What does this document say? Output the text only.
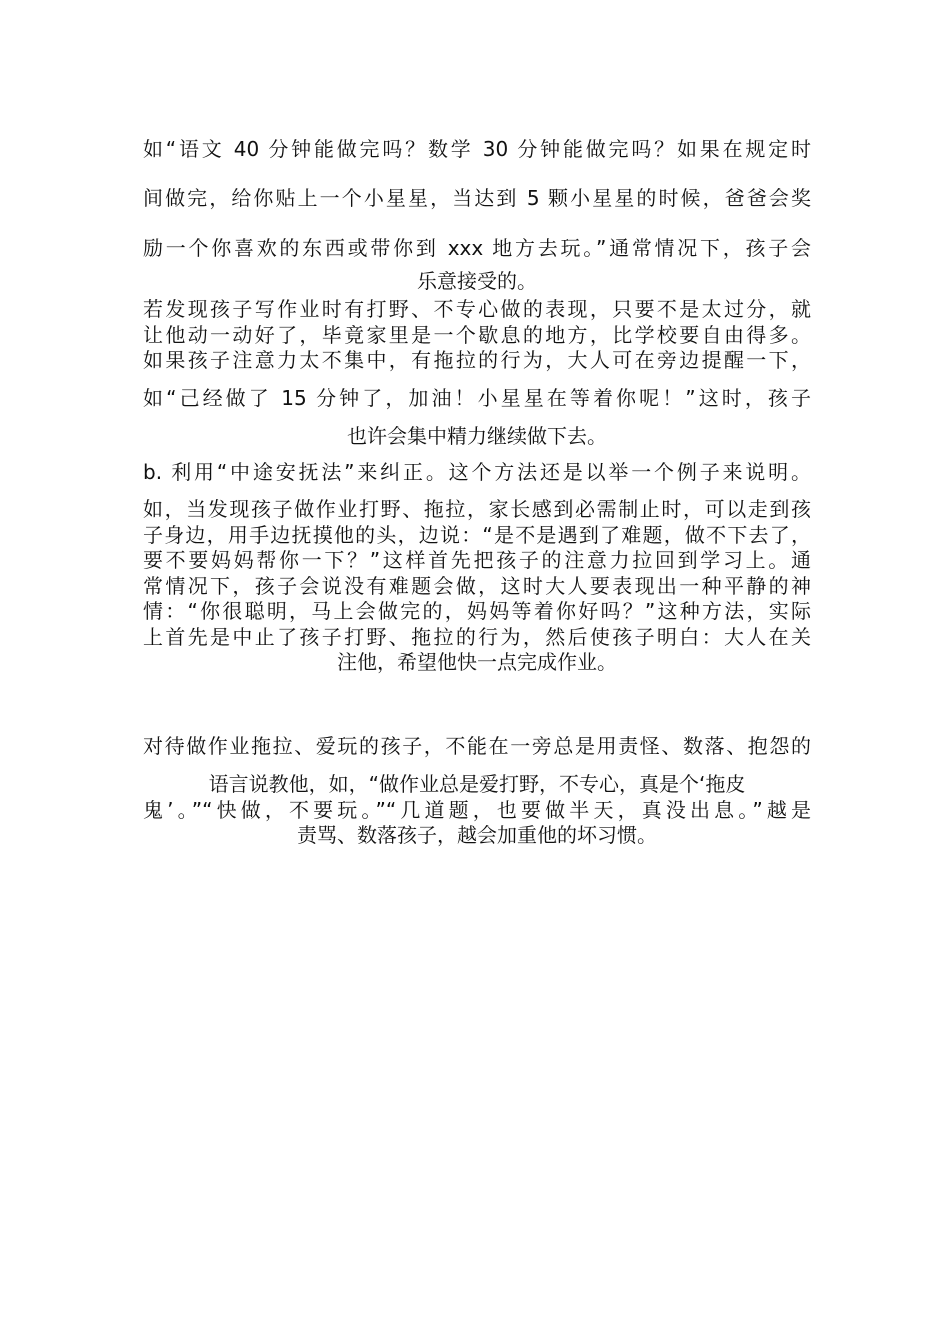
如“语文 40 分钟能做完吗？数学 30 分钟能做完吗？如果在规定时
间做完，给你贴上一个小星星，当达到 5 颗小星星的时候，爸爸会奖
励一个你喜欢的东西或带你到 xxx 地方去玩。”通常情况下，孩子会
乐意接受的。
若发现孩子写作业时有打野、不专心做的表现，只要不是太过分，就
让他动一动好了，毕竟家里是一个歇息的地方，比学校要自由得多。
如果孩子注意力太不集中，有拖拉的行为，大人可在旁边提醒一下，
如“己经做了 15 分钟了，加油！小星星在等着你呢！”这时，孩子
也许会集中精力继续做下去。
b. 利用“中途安抚法”来纠正。这个方法还是以举一个例子来说明。
如，当发现孩子做作业打野、拖拉，家长感到必需制止时，可以走到孩
子身边，用手边抚摸他的头，边说：“是不是遇到了难题，做不下去了，
要不要妈妈帮你一下？”这样首先把孩子的注意力拉回到学习上。通
常情况下，孩子会说没有难题会做，这时大人要表现出一种平静的神
情：“你很聪明，马上会做完的，妈妈等着你好吗？”这种方法，实际
上首先是中止了孩子打野、拖拉的行为，然后使孩子明白：大人在关
注他，希望他快一点完成作业。
对待做作业拖拉、爱玩的孩子，不能在一旁总是用责怪、数落、抱怨的
语言说教他，如，“做作业总是爱打野，不专心，真是个‘拖皮
鬼’。”“快做，不要玩。”“几道题，也要做半天，真没出息。”越是
责骂、数落孩子，越会加重他的坏习惯。
